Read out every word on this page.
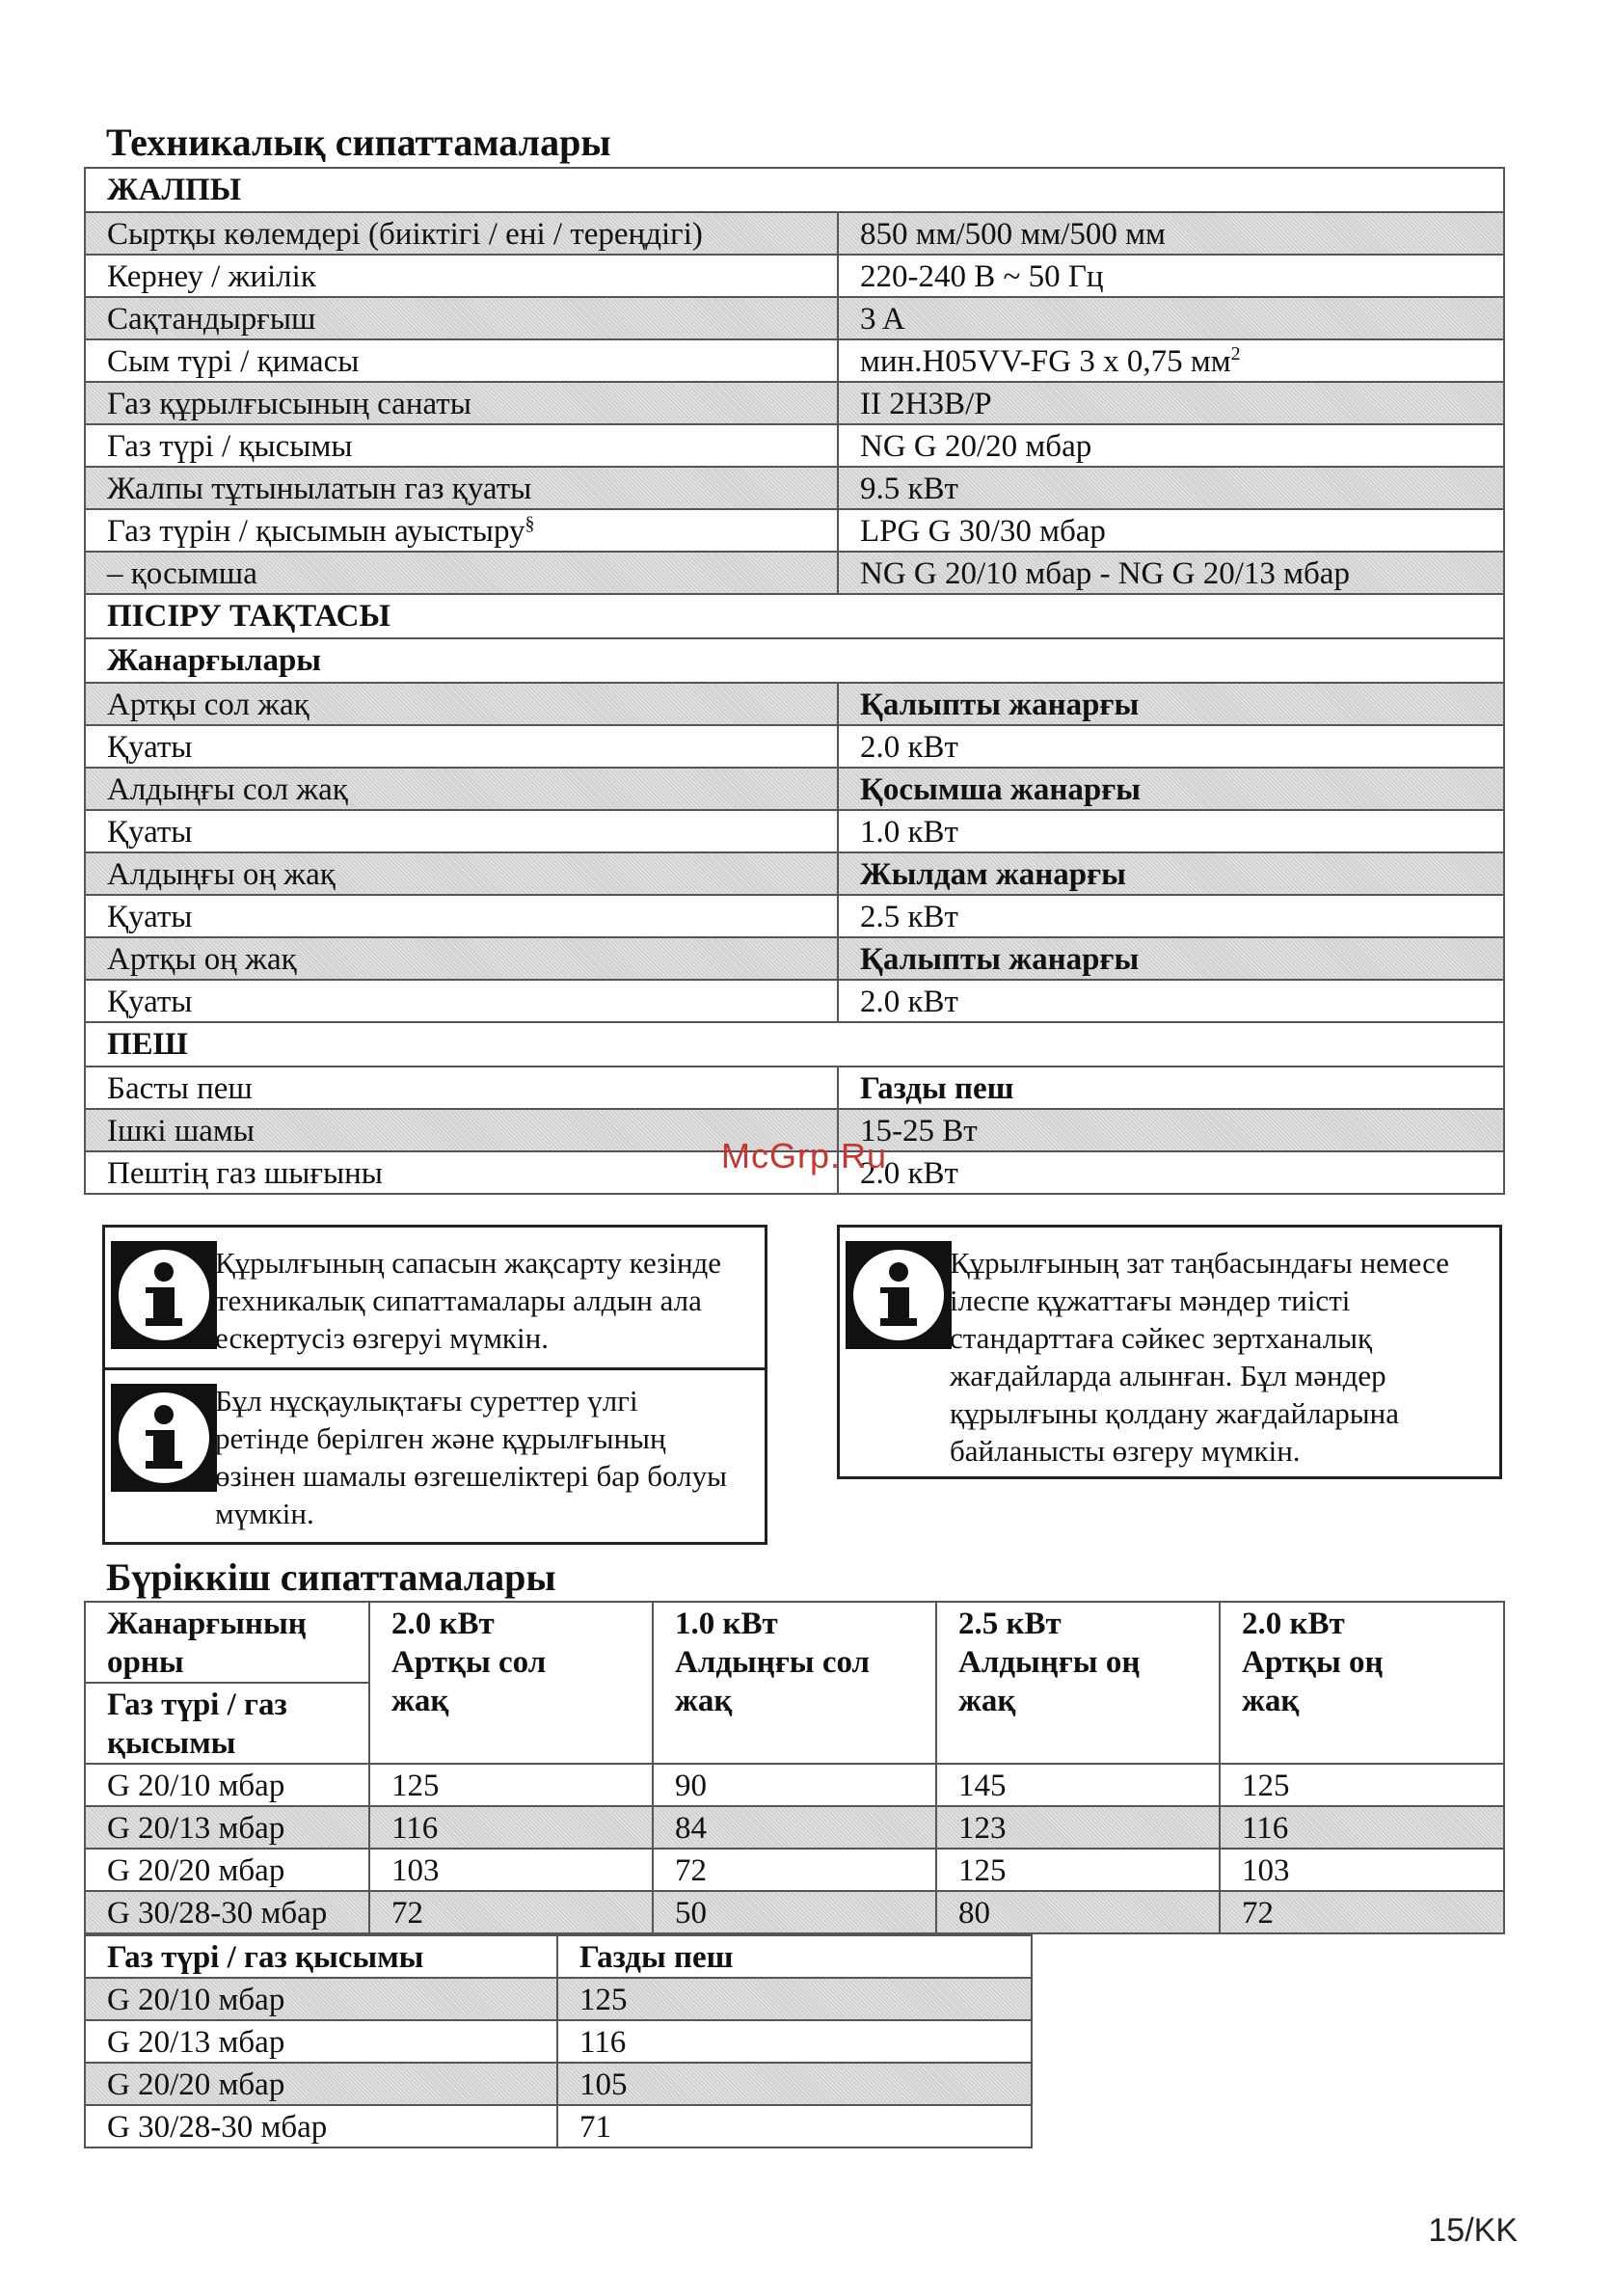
Техникалық сипаттамалары
ЖАЛПЫ	
Сыртқы көлемдері (биіктігі / ені / тереңдігі)	850 мм/500 мм/500 мм
Кернеу / жиілік	220-240 В ~ 50 Гц
Сақтандырғыш	3 A
Сым түрі / қимасы	мин.H05VV-FG 3 x 0,75 $мм^2$
Газ құрылғысының санаты	II 2H3B/P
Газ түрі / қысымы	NG G 20/20 мбар
Жалпы тұтынылатын газ қуаты	9.5 кВт
Газ түрін / қысымын ауыстыру§	LPG G 30/30 мбар
– қосымша	NG G 20/10 мбар - NG G 20/13 мбар
ПІСІРУ ТАҚТАСЫ	
Жанарғылары	
Артқы сол жақ	Қалыпты жанарғы
Қуаты	2.0 кВт
Алдыңғы сол жақ	Қосымша жанарғы
Қуаты	1.0 кВт
Алдыңғы оң жақ	Жылдам жанарғы
Қуаты	2.5 кВт
Артқы оң жақ	Қалыпты жанарғы
Қуаты	2.0 кВт
ПЕШ	
Басты пеш	Газды пеш
Ішкі шамы	15-25 Вт
Пештің газ шығыны	2.0 кВт
Құрылғының сапасын жақсарту кезінде техникалық сипаттамалары алдын ала ескертусіз өзгеруі мүмкін.
Бұл нұсқаулықтағы суреттер үлгі ретінде берілген және құрылғының өзінен шамалы өзгешеліктері бар болуы мүмкін.
Құрылғының зат таңбасындағы немесе ілеспе құжаттағы мәндер тиісті стандарттаға сәйкес зертханалық жағдайларда алынған. Бұл мәндер құрылғыны қолдану жағдайларына байланысты өзгеру мүмкін.
McGrp.Ru
Бүріккіш сипаттамалары
Жанарғының орны	2.0 кВт Артқы сол жақ	1.0 кВт Алдыңғы сол жақ	2.5 кВт Алдыңғы оң жақ	2.0 кВт Артқы оң жақ
Газ түрі / газ қысымы				
G 20/10 мбар	125	90	145	125
G 20/13 мбар	116	84	123	116
G 20/20 мбар	103	72	125	103
G 30/28-30 мбар	72	50	80	72
Газ түрі / газ қысымы	Газды пеш
G 20/10 мбар	125
G 20/13 мбар	116
G 20/20 мбар	105
G 30/28-30 мбар	71
15/KK
